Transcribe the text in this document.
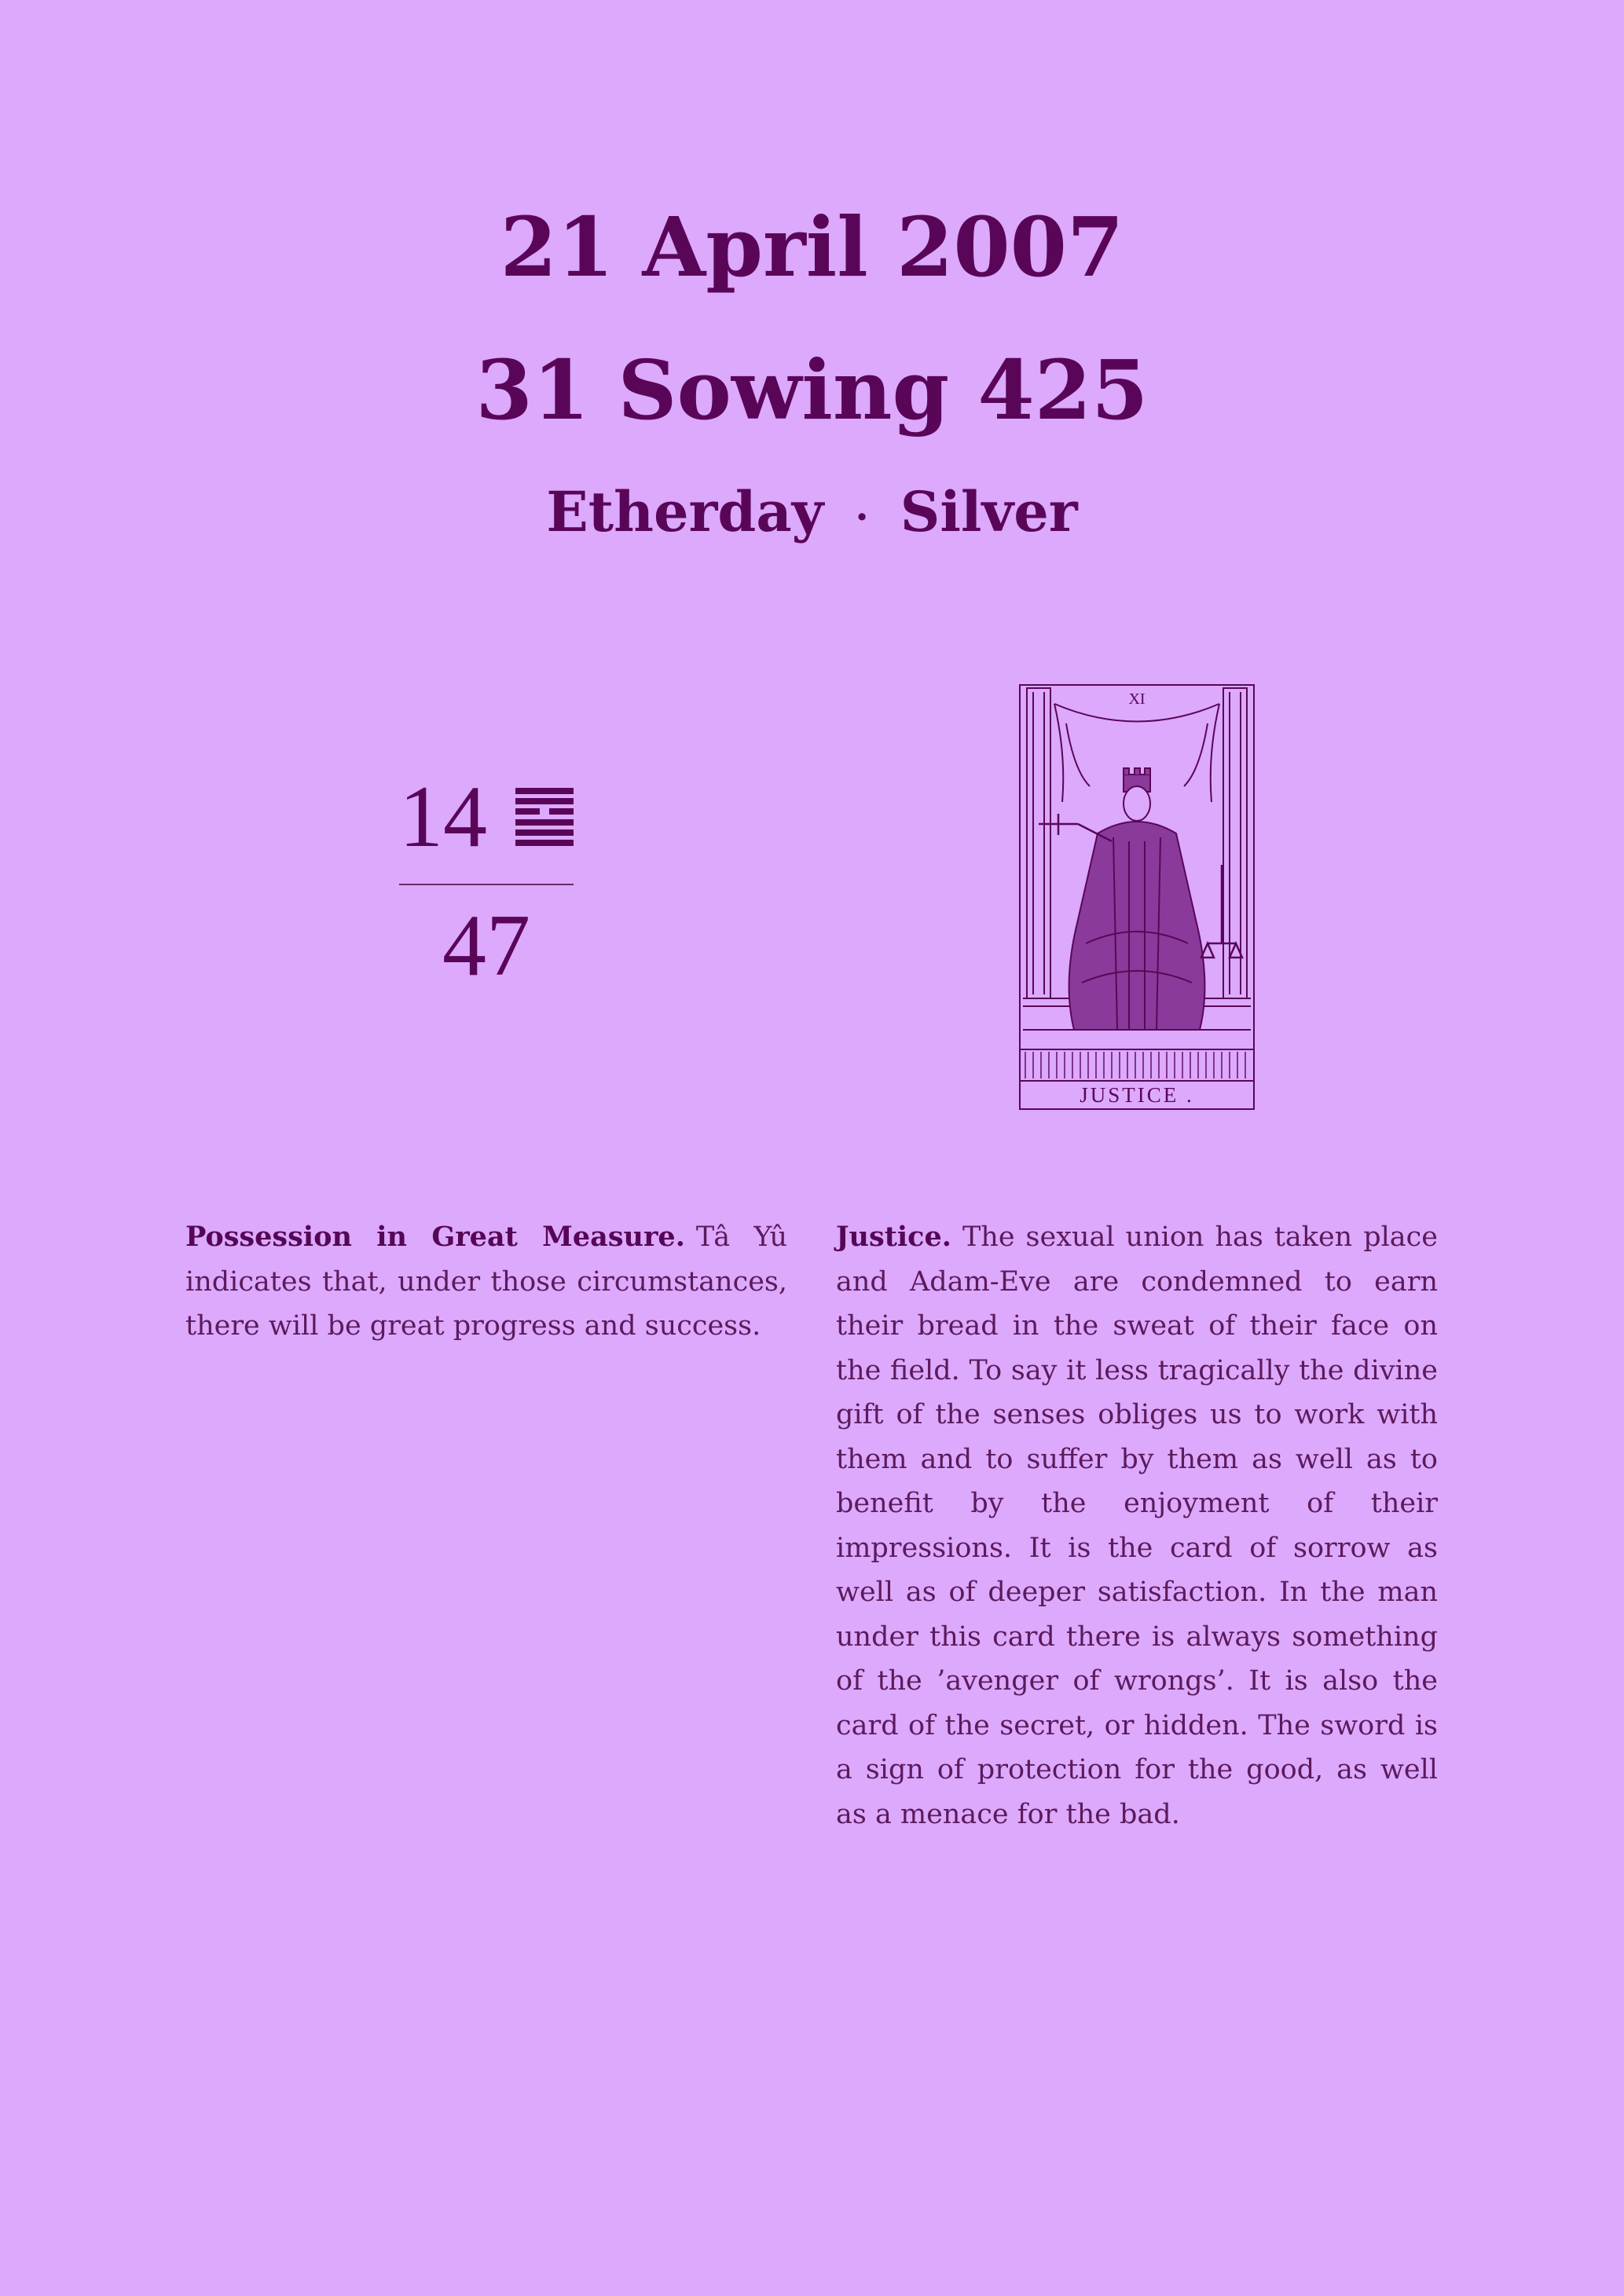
21 April 2007
31 Sowing 425
Etherday · Silver
14
47
XI
JUSTICE .

Possession in Great Measure. Tâ Yû indicates that, under those circumstances, there will be great progress and success.

Justice. The sexual union has taken place and Adam-Eve are condemned to earn their bread in the sweat of their face on the field. To say it less tragically the divine gift of the senses obliges us to work with them and to suffer by them as well as to benefit by the enjoyment of their impressions. It is the card of sorrow as well as of deeper satisfaction. In the man under this card there is always something of the ’avenger of wrongs’. It is also the card of the secret, or hidden. The sword is a sign of protection for the good, as well as a menace for the bad.
